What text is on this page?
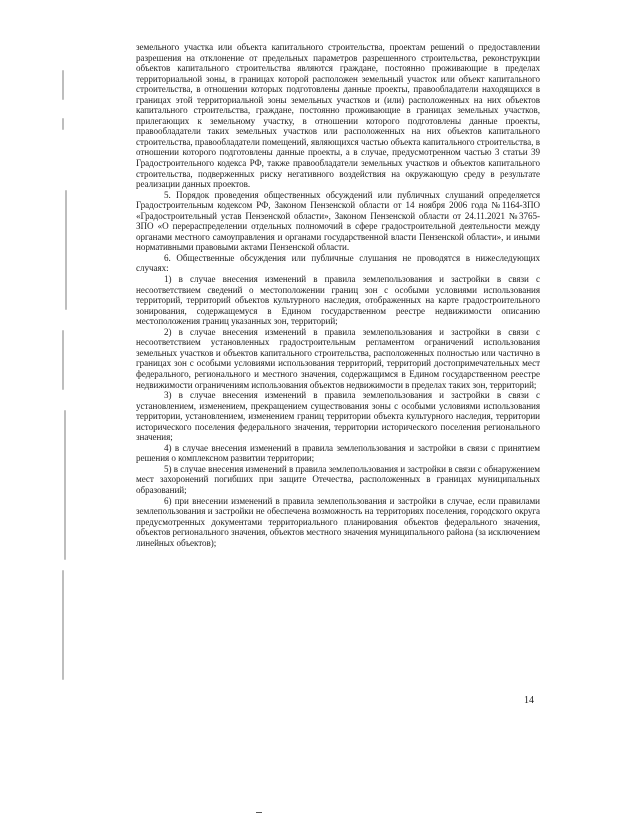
земельного участка или объекта капитального строительства, проектам решений о предоставлении разрешения на отклонение от предельных параметров разрешенного строительства, реконструкции объектов капитального строительства являются граждане, постоянно проживающие в пределах территориальной зоны, в границах которой расположен земельный участок или объект капитального строительства, в отношении которых подготовлены данные проекты, правообладатели находящихся в границах этой территориальной зоны земельных участков и (или) расположенных на них объектов капитального строительства, граждане, постоянно проживающие в границах земельных участков, прилегающих к земельному участку, в отношении которого подготовлены данные проекты, правообладатели таких земельных участков или расположенных на них объектов капитального строительства, правообладатели помещений, являющихся частью объекта капитального строительства, в отношении которого подготовлены данные проекты, а в случае, предусмотренном частью 3 статьи 39 Градостроительного кодекса РФ, также правообладатели земельных участков и объектов капитального строительства, подверженных риску негативного воздействия на окружающую среду в результате реализации данных проектов.

5. Порядок проведения общественных обсуждений или публичных слушаний определяется Градостроительным кодексом РФ, Законом Пензенской области от 14 ноября 2006 года №1164-ЗПО «Градостроительный устав Пензенской области», Законом Пензенской области от 24.11.2021 №3765-ЗПО «О перераспределении отдельных полномочий в сфере градостроительной деятельности между органами местного самоуправления и органами государственной власти Пензенской области», и иными нормативными правовыми актами Пензенской области.

6. Общественные обсуждения или публичные слушания не проводятся в нижеследующих случаях:

1) в случае внесения изменений в правила землепользования и застройки в связи с несоответствием сведений о местоположении границ зон с особыми условиями использования территорий, территорий объектов культурного наследия, отображенных на карте градостроительного зонирования, содержащемуся в Едином государственном реестре недвижимости описанию местоположения границ указанных зон, территорий;

2) в случае внесения изменений в правила землепользования и застройки в связи с несоответствием установленных градостроительным регламентом ограничений использования земельных участков и объектов капитального строительства, расположенных полностью или частично в границах зон с особыми условиями использования территорий, территорий достопримечательных мест федерального, регионального и местного значения, содержащимся в Едином государственном реестре недвижимости ограничениям использования объектов недвижимости в пределах таких зон, территорий;

3) в случае внесения изменений в правила землепользования и застройки в связи с установлением, изменением, прекращением существования зоны с особыми условиями использования территории, установлением, изменением границ территории объекта культурного наследия, территории исторического поселения федерального значения, территории исторического поселения регионального значения;

4) в случае внесения изменений в правила землепользования и застройки в связи с принятием решения о комплексном развитии территории;

5) в случае внесения изменений в правила землепользования и застройки в связи с обнаружением мест захоронений погибших при защите Отечества, расположенных в границах муниципальных образований;

6) при внесении изменений в правила землепользования и застройки в случае, если правилами землепользования и застройки не обеспечена возможность на территориях поселения, городского округа предусмотренных документами территориального планирования объектов федерального значения, объектов регионального значения, объектов местного значения муниципального района (за исключением линейных объектов);

14
